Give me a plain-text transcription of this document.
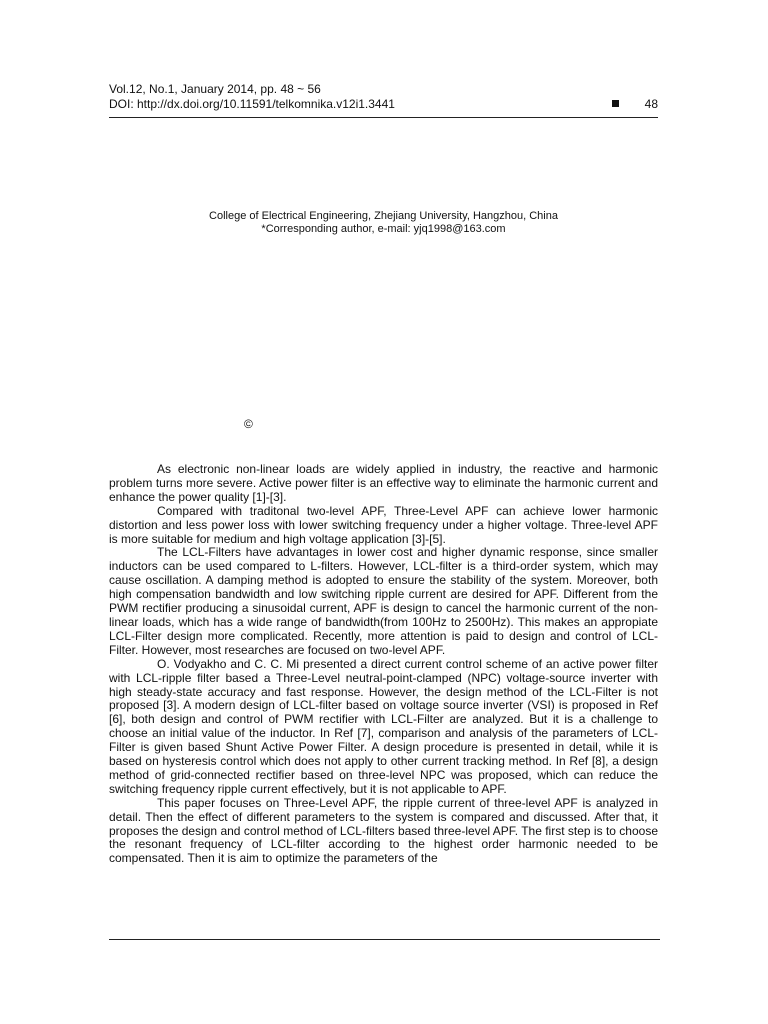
Vol.12, No.1, January 2014, pp. 48 ~ 56
DOI: http://dx.doi.org/10.11591/telkomnika.v12i1.3441	48
College of Electrical Engineering, Zhejiang University, Hangzhou, China
*Corresponding author, e-mail: yjq1998@163.com
©

As electronic non-linear loads are widely applied in industry, the reactive and harmonic problem turns more severe. Active power filter is an effective way to eliminate the harmonic current and enhance the power quality [1]-[3].

Compared with traditonal two-level APF, Three-Level APF can achieve lower harmonic distortion and less power loss with lower switching frequency under a higher voltage. Three-level APF is more suitable for medium and high voltage application [3]-[5].

The LCL-Filters have advantages in lower cost and higher dynamic response, since smaller inductors can be used compared to L-filters. However, LCL-filter is a third-order system, which may cause oscillation. A damping method is adopted to ensure the stability of the system. Moreover, both high compensation bandwidth and low switching ripple current are desired for APF. Different from the PWM rectifier producing a sinusoidal current, APF is design to cancel the harmonic current of the non-linear loads, which has a wide range of bandwidth(from 100Hz to 2500Hz). This makes an appropiate LCL-Filter design more complicated. Recently, more attention is paid to design and control of LCL-Filter. However, most researches are focused on two-level APF.

O. Vodyakho and C. C. Mi presented a direct current control scheme of an active power filter with LCL-ripple filter based a Three-Level neutral-point-clamped (NPC) voltage-source inverter with high steady-state accuracy and fast response. However, the design method of the LCL-Filter is not proposed [3]. A modern design of LCL-filter based on voltage source inverter (VSI) is proposed in Ref [6], both design and control of PWM rectifier with LCL-Filter are analyzed. But it is a challenge to choose an initial value of the inductor. In Ref [7], comparison and analysis of the parameters of LCL-Filter is given based Shunt Active Power Filter. A design procedure is presented in detail, while it is based on hysteresis control which does not apply to other current tracking method. In Ref [8], a design method of grid-connected rectifier based on three-level NPC was proposed, which can reduce the switching frequency ripple current effectively, but it is not applicable to APF.

This paper focuses on Three-Level APF, the ripple current of three-level APF is analyzed in detail. Then the effect of different parameters to the system is compared and discussed. After that, it proposes the design and control method of LCL-filters based three-level APF. The first step is to choose the resonant frequency of LCL-filter according to the highest order harmonic needed to be compensated. Then it is aim to optimize the parameters of the
